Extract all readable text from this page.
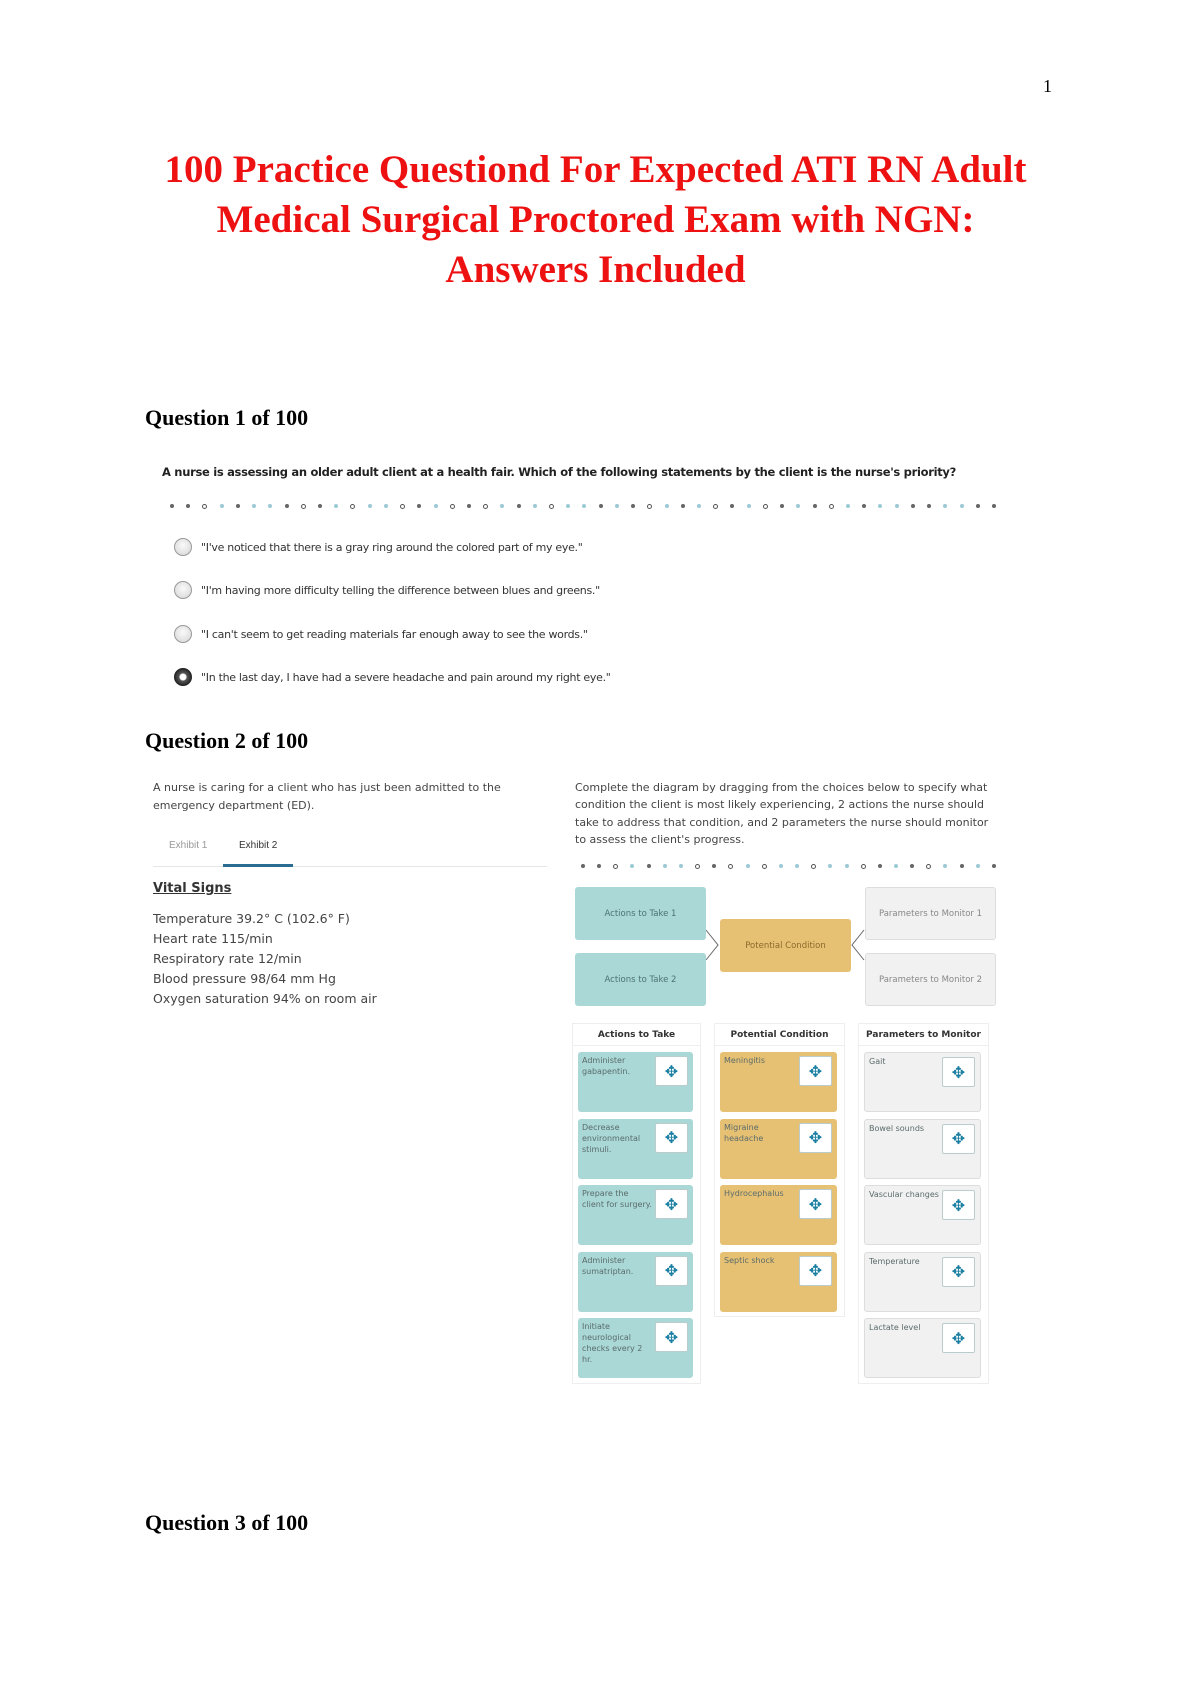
1
100 Practice Questiond For Expected ATI RN Adult
Medical Surgical Proctored Exam with NGN:
Answers Included
Question 1 of 100
A nurse is assessing an older adult client at a health fair. Which of the following statements by the client is the nurse's priority?
"I've noticed that there is a gray ring around the colored part of my eye."
"I'm having more difficulty telling the difference between blues and greens."
"I can't seem to get reading materials far enough away to see the words."
"In the last day, I have had a severe headache and pain around my right eye."
Question 2 of 100
A nurse is caring for a client who has just been admitted to the emergency department (ED).
Exhibit 1	Exhibit 2
Vital Signs
Temperature 39.2° C (102.6° F)
Heart rate 115/min
Respiratory rate 12/min
Blood pressure 98/64 mm Hg
Oxygen saturation 94% on room air
Complete the diagram by dragging from the choices below to specify what condition the client is most likely experiencing, 2 actions the nurse should take to address that condition, and 2 parameters the nurse should monitor to assess the client's progress.
Actions to Take 1
Actions to Take 2
Potential Condition
Parameters to Monitor 1
Parameters to Monitor 2
Actions to Take
Administer gabapentin.	✥
Decrease environmental stimuli.
✥
Prepare the client for surgery. ✥
Administer sumatriptan.	✥
Initiate neurological checks every 2 hr.
✥
Potential Condition
Meningitis
✥
Migraine headache	✥
Hydrocephalus
✥
Septic shock
✥
Parameters to Monitor
Gait
✥
Bowel sounds
✥
Vascular changes
✥
Temperature
✥
Lactate level
✥
Question 3 of 100
